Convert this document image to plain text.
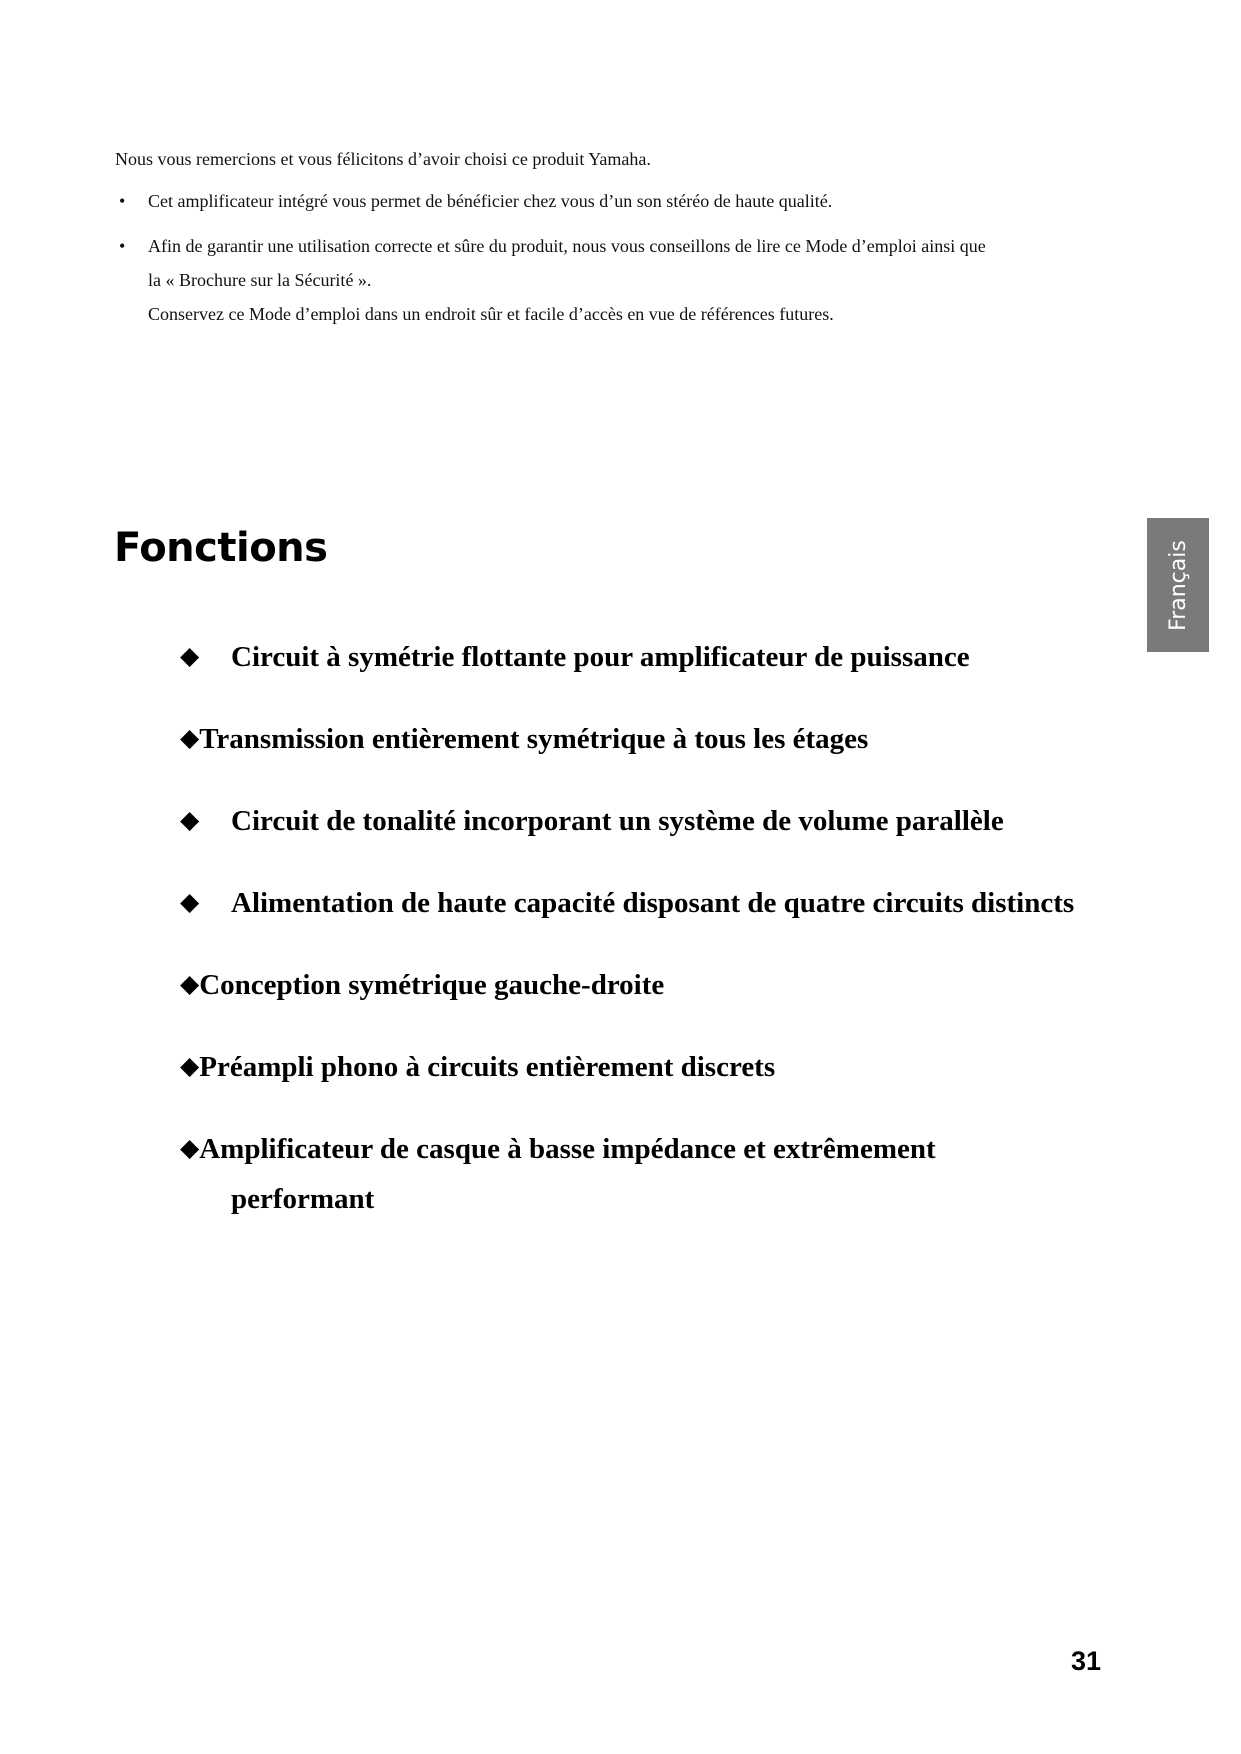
Nous vous remercions et vous félicitons d’avoir choisi ce produit Yamaha.

• Cet amplificateur intégré vous permet de bénéficier chez vous d’un son stéréo de haute qualité.
• Afin de garantir une utilisation correcte et sûre du produit, nous vous conseillons de lire ce Mode d’emploi ainsi que
la « Brochure sur la Sécurité ».
Conservez ce Mode d’emploi dans un endroit sûr et facile d’accès en vue de références futures.
Fonctions
◆ Circuit à symétrie flottante pour amplificateur de puissance
◆Transmission entièrement symétrique à tous les étages
◆ Circuit de tonalité incorporant un système de volume parallèle
◆ Alimentation de haute capacité disposant de quatre circuits distincts
◆Conception symétrique gauche-droite
◆Préampli phono à circuits entièrement discrets
◆Amplificateur de casque à basse impédance et extrêmement
performant
Français
31
